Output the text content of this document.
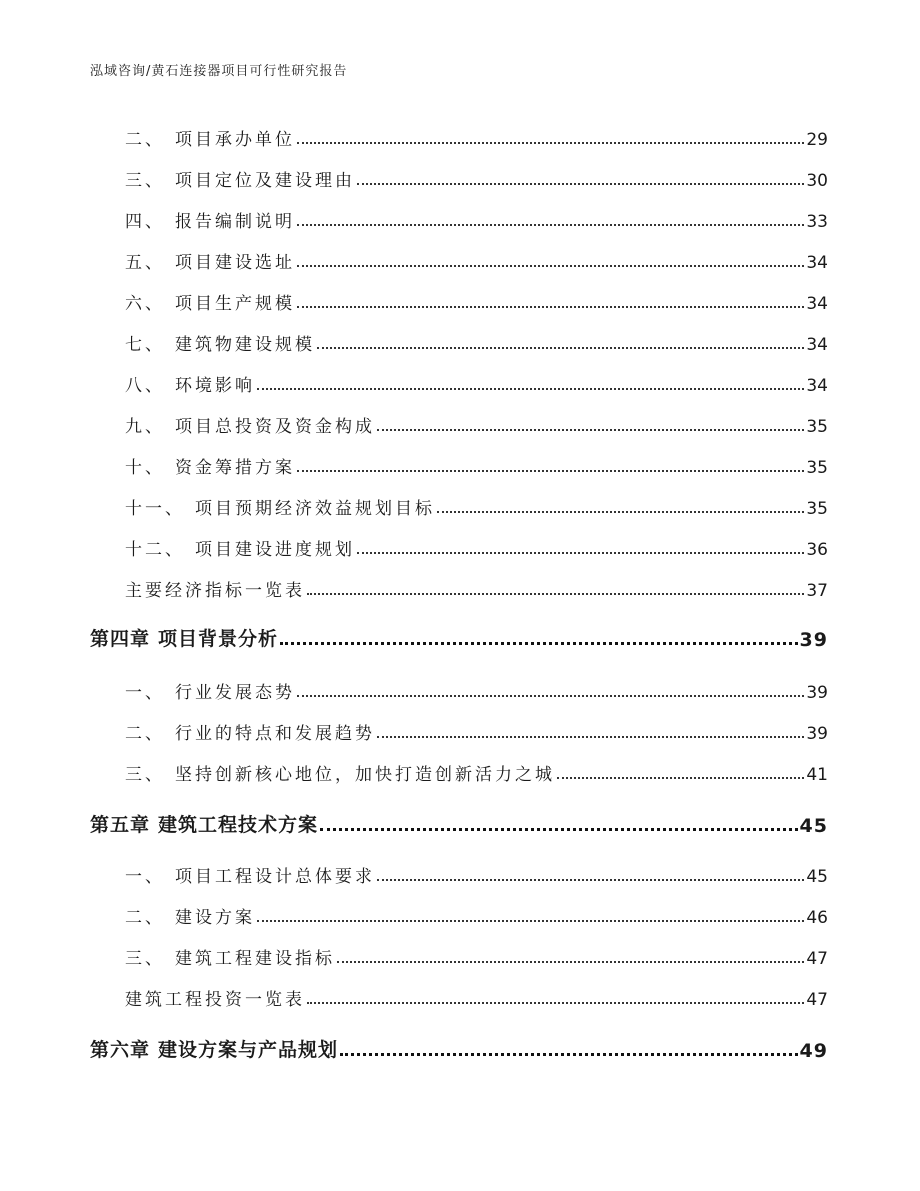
泓域咨询/黄石连接器项目可行性研究报告
二、 项目承办单位	29
三、 项目定位及建设理由	30
四、 报告编制说明	33
五、 项目建设选址	34
六、 项目生产规模	34
七、 建筑物建设规模	34
八、 环境影响	34
九、 项目总投资及资金构成	35
十、 资金筹措方案	35
十一、 项目预期经济效益规划目标	35
十二、 项目建设进度规划	36
主要经济指标一览表	37
第四章 项目背景分析	39
一、 行业发展态势	39
二、 行业的特点和发展趋势	39
三、 坚持创新核心地位，加快打造创新活力之城	41
第五章 建筑工程技术方案	45
一、 项目工程设计总体要求	45
二、 建设方案	46
三、 建筑工程建设指标	47
建筑工程投资一览表	47
第六章 建设方案与产品规划	49
